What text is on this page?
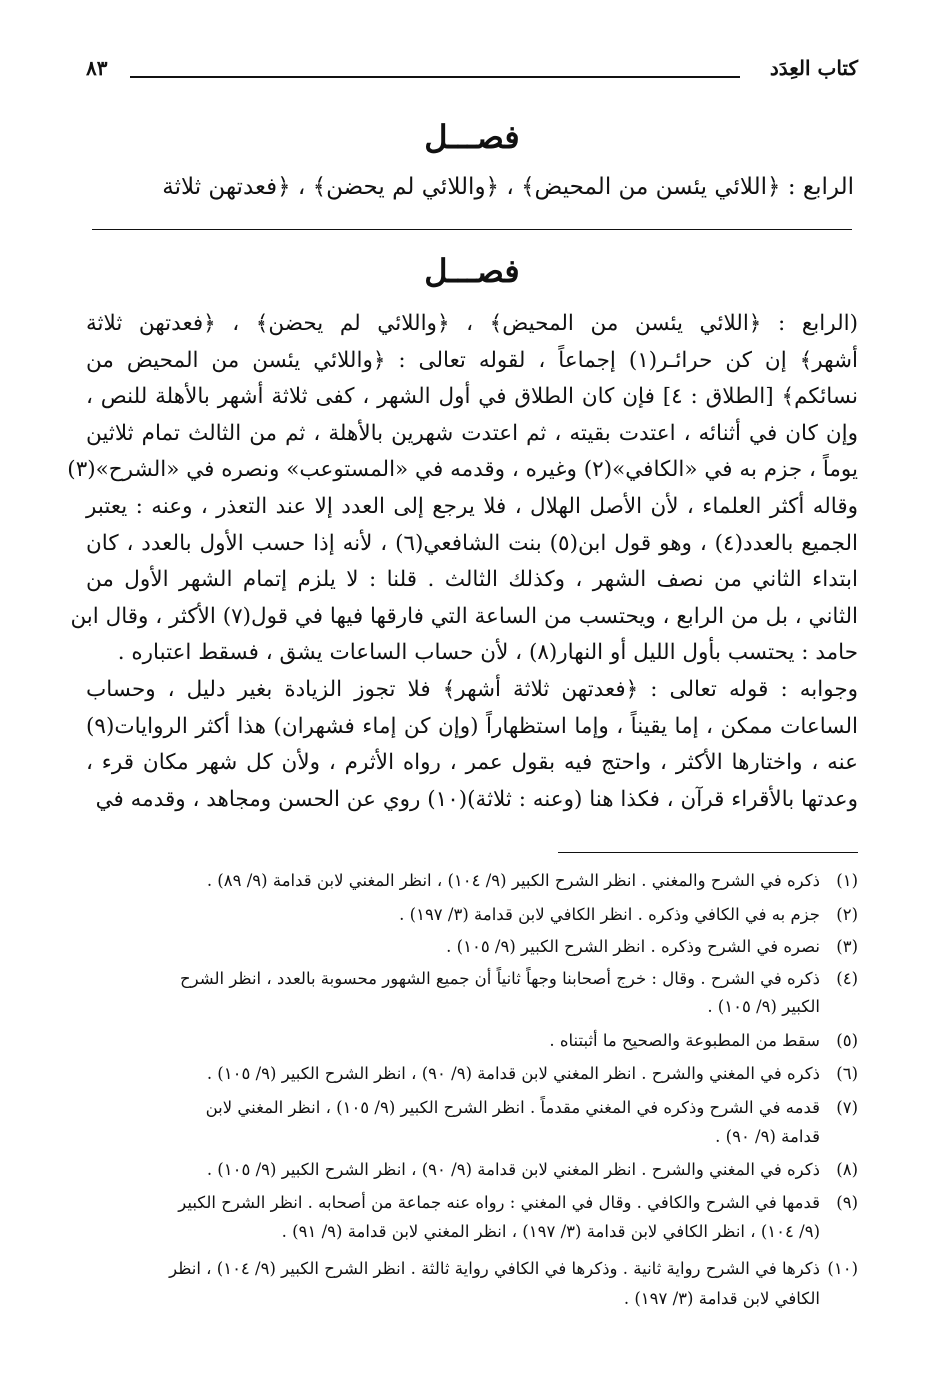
كتاب العِدَد
٨٣
فصـــل
الرابع : ﴿اللائي يئسن من المحيض﴾ ، ﴿واللائي لم يحضن﴾ ، ﴿فعدتهن ثلاثة
فصـــل
(الرابع : ﴿اللائي يئسن من المحيض﴾ ، ﴿واللائي لم يحضن﴾ ، ﴿فعدتهن ثلاثة
أشهر﴾ إن كن حرائـر(١) إجماعاً ، لقوله تعالى : ﴿واللائي يئسن من المحيض من
نسائكم﴾ [الطلاق : ٤] فإن كان الطلاق في أول الشهر ، كفى ثلاثة أشهر بالأهلة للنص ،
وإن كان في أثنائه ، اعتدت بقيته ، ثم اعتدت شهرين بالأهلة ، ثم من الثالث تمام ثلاثين
يوماً ، جزم به في «الكافي»(٢) وغيره ، وقدمه في «المستوعب» ونصره في «الشرح»(٣)
وقاله أكثر العلماء ، لأن الأصل الهلال ، فلا يرجع إلى العدد إلا عند التعذر ، وعنه : يعتبر
الجميع بالعدد(٤) ، وهو قول ابن(٥) بنت الشافعي(٦) ، لأنه إذا حسب الأول بالعدد ، كان
ابتداء الثاني من نصف الشهر ، وكذلك الثالث . قلنا : لا يلزم إتمام الشهر الأول من
الثاني ، بل من الرابع ، ويحتسب من الساعة التي فارقها فيها في قول(٧) الأكثر ، وقال ابن
حامد : يحتسب بأول الليل أو النهار(٨) ، لأن حساب الساعات يشق ، فسقط اعتباره .
وجوابه : قوله تعالى : ﴿فعدتهن ثلاثة أشهر﴾ فلا تجوز الزيادة بغير دليل ، وحساب
الساعات ممكن ، إما يقيناً ، وإما استظهاراً (وإن كن إماء فشهران) هذا أكثر الروايات(٩)
عنه ، واختارها الأكثر ، واحتج فيه بقول عمر ، رواه الأثرم ، ولأن كل شهر مكان قرء ،
وعدتها بالأقراء قرآن ، فكذا هنا (وعنه : ثلاثة)(١٠) روي عن الحسن ومجاهد ، وقدمه في
(١)ذكره في الشرح والمغني . انظر الشرح الكبير (٩/ ١٠٤) ، انظر المغني لابن قدامة (٩/ ٨٩) .
(٢)جزم به في الكافي وذكره . انظر الكافي لابن قدامة (٣/ ١٩٧) .
(٣)نصره في الشرح وذكره . انظر الشرح الكبير (٩/ ١٠٥) .
(٤)ذكره في الشرح . وقال : خرج أصحابنا وجهاً ثانياً أن جميع الشهور محسوبة بالعدد ، انظر الشرح
الكبير (٩/ ١٠٥) .
(٥)سقط من المطبوعة والصحيح ما أثبتناه .
(٦)ذكره في المغني والشرح . انظر المغني لابن قدامة (٩/ ٩٠) ، انظر الشرح الكبير (٩/ ١٠٥) .
(٧)قدمه في الشرح وذكره في المغني مقدماً . انظر الشرح الكبير (٩/ ١٠٥) ، انظر المغني لابن
قدامة (٩/ ٩٠) .
(٨)ذكره في المغني والشرح . انظر المغني لابن قدامة (٩/ ٩٠) ، انظر الشرح الكبير (٩/ ١٠٥) .
(٩)قدمها في الشرح والكافي . وقال في المغني : رواه عنه جماعة من أصحابه . انظر الشرح الكبير
(٩/ ١٠٤) ، انظر الكافي لابن قدامة (٣/ ١٩٧) ، انظر المغني لابن قدامة (٩/ ٩١) .
(١٠)ذكرها في الشرح رواية ثانية . وذكرها في الكافي رواية ثالثة . انظر الشرح الكبير (٩/ ١٠٤) ، انظر
الكافي لابن قدامة (٣/ ١٩٧) .
